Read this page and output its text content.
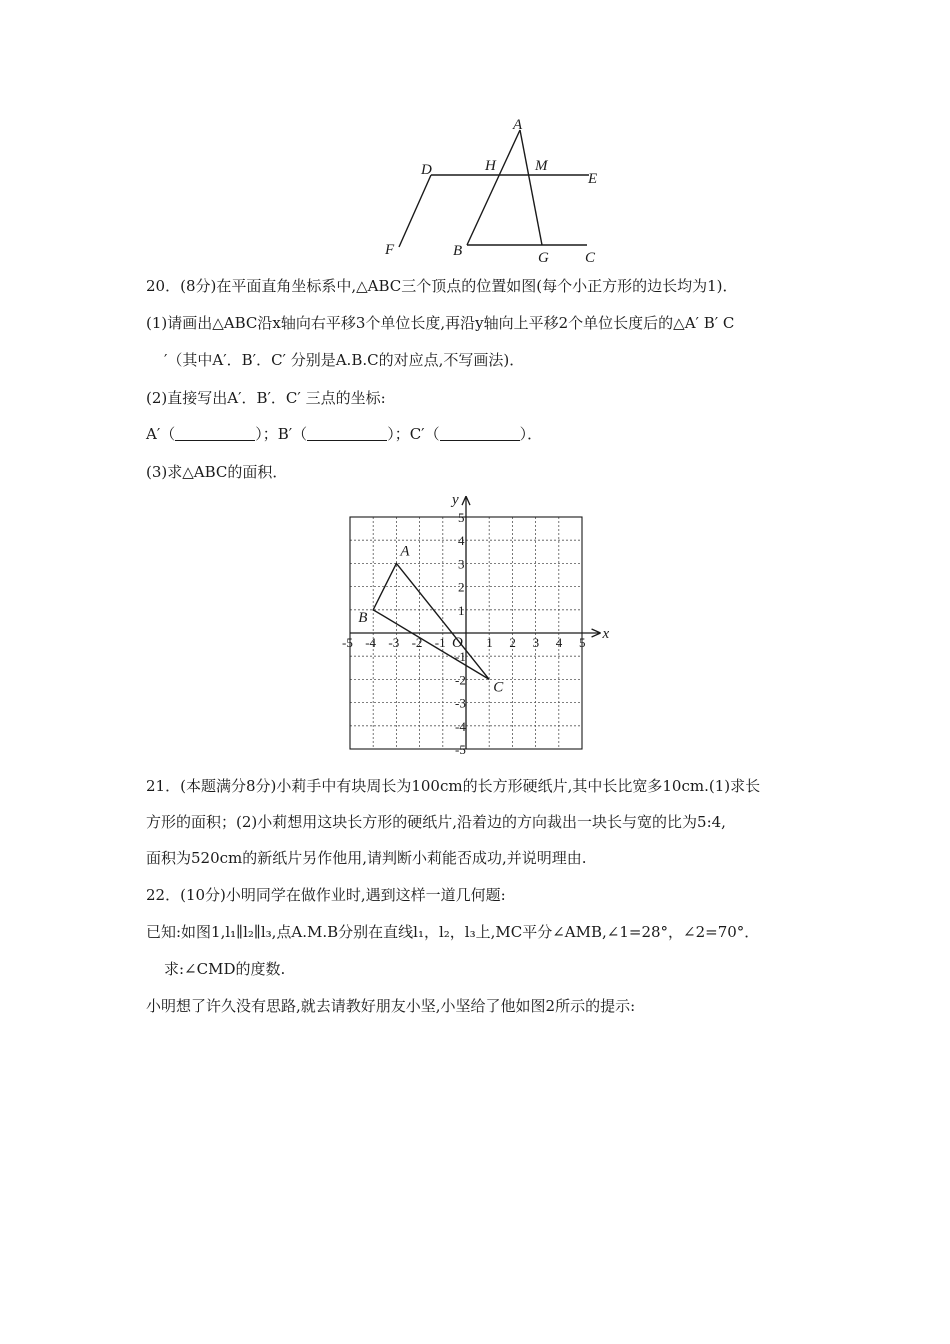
A
H	M
D
E
F	B	G C
20．(8分)在平面直角坐标系中,△ABC三个顶点的位置如图(每个小正方形的边长均为1)．
(1)请画出△ABC沿x轴向右平移3个单位长度,再沿y轴向上平移2个单位长度后的△A′ B′ C
′（其中A′．B′．C′ 分别是A.B.C的对应点,不写画法)．
(2)直接写出A′．B′．C′ 三点的坐标:
A′（	）；B′（	）；C′（	）．
(3)求△ABC的面积．
x
y
O
-5 -4 -3 -2 -1	1 2 3 4 5
5
4
3
2
1
-1
-2
-3
-4
-5
A
B
C
21．(本题满分8分)小莉手中有块周长为100cm的长方形硬纸片,其中长比宽多10cm.(1)求长
方形的面积；(2)小莉想用这块长方形的硬纸片,沿着边的方向裁出一块长与宽的比为5:4,
面积为520cm的新纸片另作他用,请判断小莉能否成功,并说明理由.
22．(10分)小明同学在做作业时,遇到这样一道几何题:
已知:如图1,l₁∥l₂∥l₃,点A.M.B分别在直线l₁，l₂，l₃上,MC平分∠AMB,∠1=28°，∠2=70°．
求:∠CMD的度数.
小明想了许久没有思路,就去请教好朋友小坚,小坚给了他如图2所示的提示:
